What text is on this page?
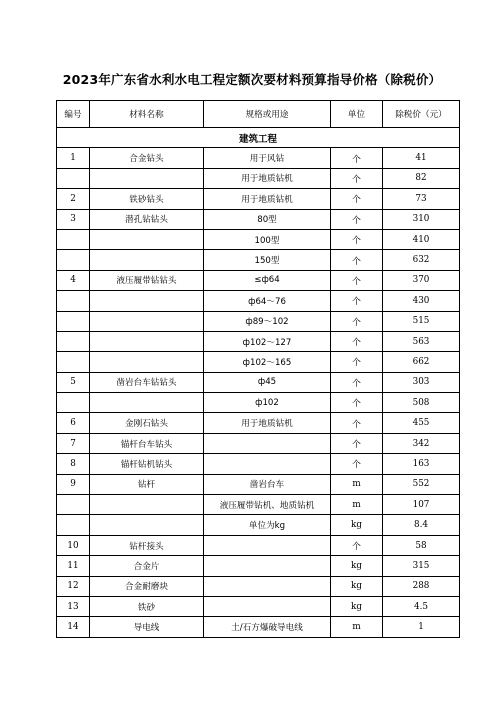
2023年广东省水利水电工程定额次要材料预算指导价格（除税价）
编号	材料名称	规格或用途	单位	除税价（元）
建筑工程				
1	合金钻头	用于风钻	个	41
		用于地质钻机	个	82
2	铁砂钻头	用于地质钻机	个	73
3	潜孔钻钻头	80型	个	310
		100型	个	410
		150型	个	632
4	液压履带钻钻头	≤ф64	个	370
		ф64～76	个	430
		ф89～102	个	515
		ф102～127	个	563
		ф102～165	个	662
5	凿岩台车钻钻头	ф45	个	303
		ф102	个	508
6	金刚石钻头	用于地质钻机	个	455
7	锚杆台车钻头		个	342
8	锚杆钻机钻头		个	163
9	钻杆	凿岩台车	m	552
		液压履带钻机、地质钻机	m	107
		单位为kg	kg	8.4
10	钻杆接头		个	58
11	合金片		kg	315
12	合金耐磨块		kg	288
13	铁砂		kg	4.5
14	导电线	土/石方爆破导电线	m	1
